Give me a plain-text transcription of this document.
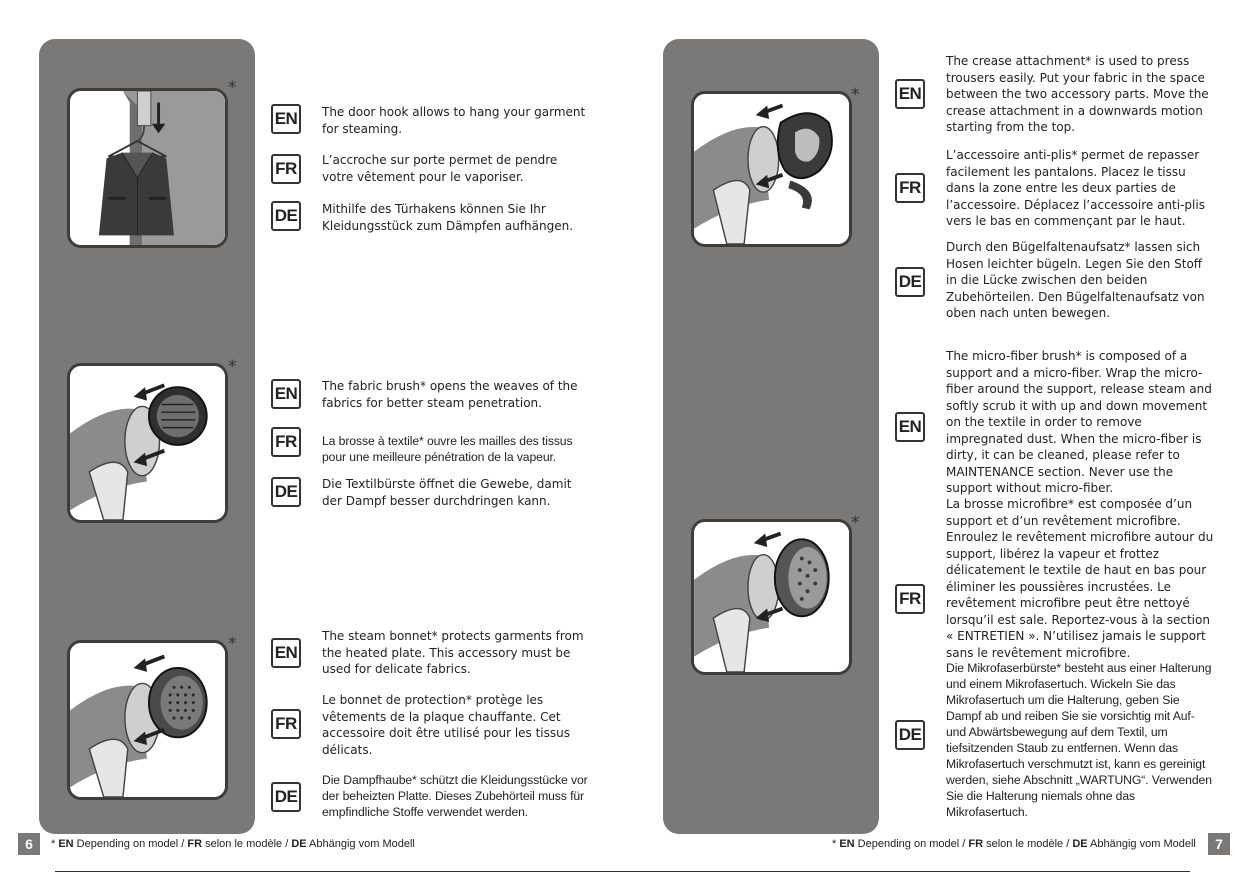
*
*
*
EN	The door hook allows to hang your garment for steaming.
FR	L’accroche sur porte permet de pendre votre vêtement pour le vaporiser.
DE	Mithilfe des Türhakens können Sie Ihr Kleidungsstück zum Dämpfen aufhängen.
EN	The fabric brush* opens the weaves of the fabrics for better steam penetration.
FR	La brosse à textile* ouvre les mailles des tissus pour une meilleure pénétration de la vapeur.
DE	Die Textilbürste öffnet die Gewebe, damit der Dampf besser durchdringen kann.
EN
The steam bonnet* protects garments from the heated plate. This accessory must be used for delicate fabrics.
FR
Le bonnet de protection* protège les vêtements de la plaque chauffante. Cet accessoire doit être utilisé pour les tissus délicats.
DE
Die Dampfhaube* schützt die Kleidungsstücke vor der beheizten Platte. Dieses Zubehörteil muss für empfindliche Stoffe verwendet werden.
*
*
EN
The crease attachment* is used to press trousers easily. Put your fabric in the space between the two accessory parts. Move the crease attachment in a downwards motion starting from the top.
FR
L’accessoire anti-plis* permet de repasser facilement les pantalons. Placez le tissu dans la zone entre les deux parties de l’accessoire. Déplacez l’accessoire anti-plis vers le bas en commençant par le haut.
DE
Durch den Bügelfaltenaufsatz* lassen sich Hosen leichter bügeln. Legen Sie den Stoff in die Lücke zwischen den beiden Zubehörteilen. Den Bügelfaltenaufsatz von oben nach unten bewegen.
EN
The micro-fiber brush* is composed of a support and a micro-fiber. Wrap the micro-fiber around the support, release steam and softly scrub it with up and down movement on the textile in order to remove impregnated dust. When the micro-fiber is dirty, it can be cleaned, please refer to MAINTENANCE section. Never use the support without micro-fiber.
FR
La brosse microfibre* est composée d’un support et d’un revêtement microfibre. Enroulez le revêtement microfibre autour du support, libérez la vapeur et frottez délicatement le textile de haut en bas pour éliminer les poussières incrustées. Le revêtement microfibre peut être nettoyé lorsqu’il est sale. Reportez-vous à la section « ENTRETIEN ». N’utilisez jamais le support sans le revêtement microfibre.
DE
Die Mikrofaserbürste* besteht aus einer Halterung und einem Mikrofasertuch. Wickeln Sie das Mikrofasertuch um die Halterung, geben Sie Dampf ab und reiben Sie sie vorsichtig mit Auf- und Abwärtsbewegung auf dem Textil, um tiefsitzenden Staub zu entfernen. Wenn das Mikrofasertuch verschmutzt ist, kann es gereinigt werden, siehe Abschnitt „WARTUNG“. Verwenden Sie die Halterung niemals ohne das Mikrofasertuch.
6	* EN Depending on model / FR selon le modèle / DE Abhängig vom Modell	* EN Depending on model / FR selon le modèle / DE Abhängig vom Modell	7
